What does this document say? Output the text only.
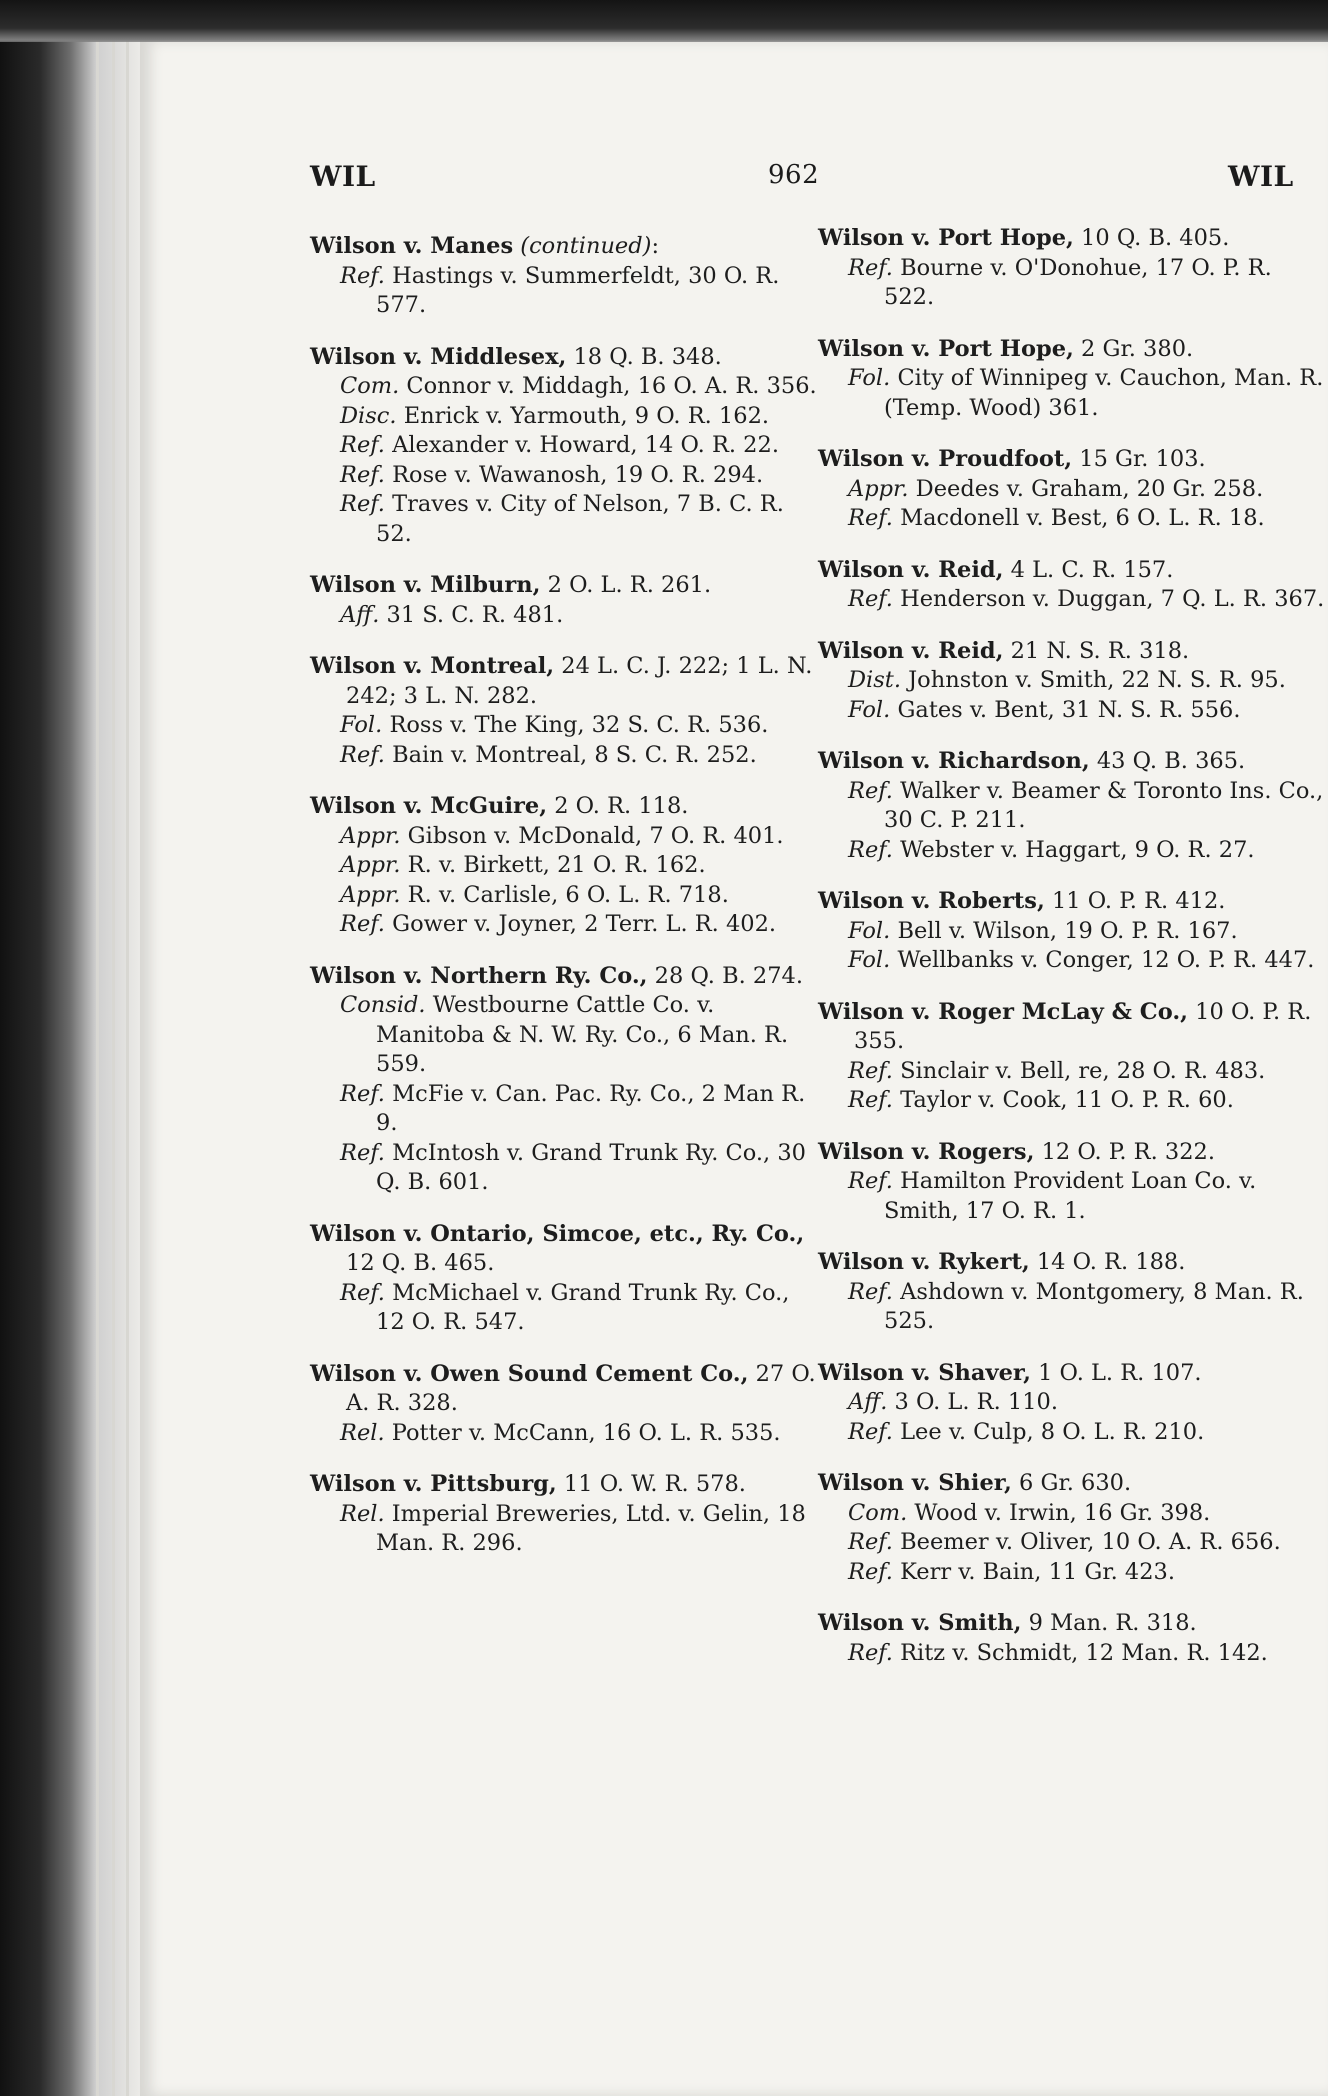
WIL	962	WIL
Wilson v. Manes (continued):
Ref. Hastings v. Summerfeldt, 30 O. R. 577.
Wilson v. Middlesex, 18 Q. B. 348.
Com. Connor v. Middagh, 16 O. A. R. 356.
Disc. Enrick v. Yarmouth, 9 O. R. 162.
Ref. Alexander v. Howard, 14 O. R. 22.
Ref. Rose v. Wawanosh, 19 O. R. 294.
Ref. Traves v. City of Nelson, 7 B. C. R. 52.
Wilson v. Milburn, 2 O. L. R. 261.
Aff. 31 S. C. R. 481.
Wilson v. Montreal, 24 L. C. J. 222; 1 L. N. 242; 3 L. N. 282.
Fol. Ross v. The King, 32 S. C. R. 536.
Ref. Bain v. Montreal, 8 S. C. R. 252.
Wilson v. McGuire, 2 O. R. 118.
Appr. Gibson v. McDonald, 7 O. R. 401.
Appr. R. v. Birkett, 21 O. R. 162.
Appr. R. v. Carlisle, 6 O. L. R. 718.
Ref. Gower v. Joyner, 2 Terr. L. R. 402.
Wilson v. Northern Ry. Co., 28 Q. B. 274.
Consid. Westbourne Cattle Co. v. Manitoba & N. W. Ry. Co., 6 Man. R. 559.
Ref. McFie v. Can. Pac. Ry. Co., 2 Man R. 9.
Ref. McIntosh v. Grand Trunk Ry. Co., 30 Q. B. 601.
Wilson v. Ontario, Simcoe, etc., Ry. Co., 12 Q. B. 465.
Ref. McMichael v. Grand Trunk Ry. Co., 12 O. R. 547.
Wilson v. Owen Sound Cement Co., 27 O. A. R. 328.
Rel. Potter v. McCann, 16 O. L. R. 535.
Wilson v. Pittsburg, 11 O. W. R. 578.
Rel. Imperial Breweries, Ltd. v. Gelin, 18 Man. R. 296.
Wilson v. Port Hope, 10 Q. B. 405.
Ref. Bourne v. O'Donohue, 17 O. P. R. 522.
Wilson v. Port Hope, 2 Gr. 380.
Fol. City of Winnipeg v. Cauchon, Man. R. (Temp. Wood) 361.
Wilson v. Proudfoot, 15 Gr. 103.
Appr. Deedes v. Graham, 20 Gr. 258.
Ref. Macdonell v. Best, 6 O. L. R. 18.
Wilson v. Reid, 4 L. C. R. 157.
Ref. Henderson v. Duggan, 7 Q. L. R. 367.
Wilson v. Reid, 21 N. S. R. 318.
Dist. Johnston v. Smith, 22 N. S. R. 95.
Fol. Gates v. Bent, 31 N. S. R. 556.
Wilson v. Richardson, 43 Q. B. 365.
Ref. Walker v. Beamer & Toronto Ins. Co., 30 C. P. 211.
Ref. Webster v. Haggart, 9 O. R. 27.
Wilson v. Roberts, 11 O. P. R. 412.
Fol. Bell v. Wilson, 19 O. P. R. 167.
Fol. Wellbanks v. Conger, 12 O. P. R. 447.
Wilson v. Roger McLay & Co., 10 O. P. R. 355.
Ref. Sinclair v. Bell, re, 28 O. R. 483.
Ref. Taylor v. Cook, 11 O. P. R. 60.
Wilson v. Rogers, 12 O. P. R. 322.
Ref. Hamilton Provident Loan Co. v. Smith, 17 O. R. 1.
Wilson v. Rykert, 14 O. R. 188.
Ref. Ashdown v. Montgomery, 8 Man. R. 525.
Wilson v. Shaver, 1 O. L. R. 107.
Aff. 3 O. L. R. 110.
Ref. Lee v. Culp, 8 O. L. R. 210.
Wilson v. Shier, 6 Gr. 630.
Com. Wood v. Irwin, 16 Gr. 398.
Ref. Beemer v. Oliver, 10 O. A. R. 656.
Ref. Kerr v. Bain, 11 Gr. 423.
Wilson v. Smith, 9 Man. R. 318.
Ref. Ritz v. Schmidt, 12 Man. R. 142.
